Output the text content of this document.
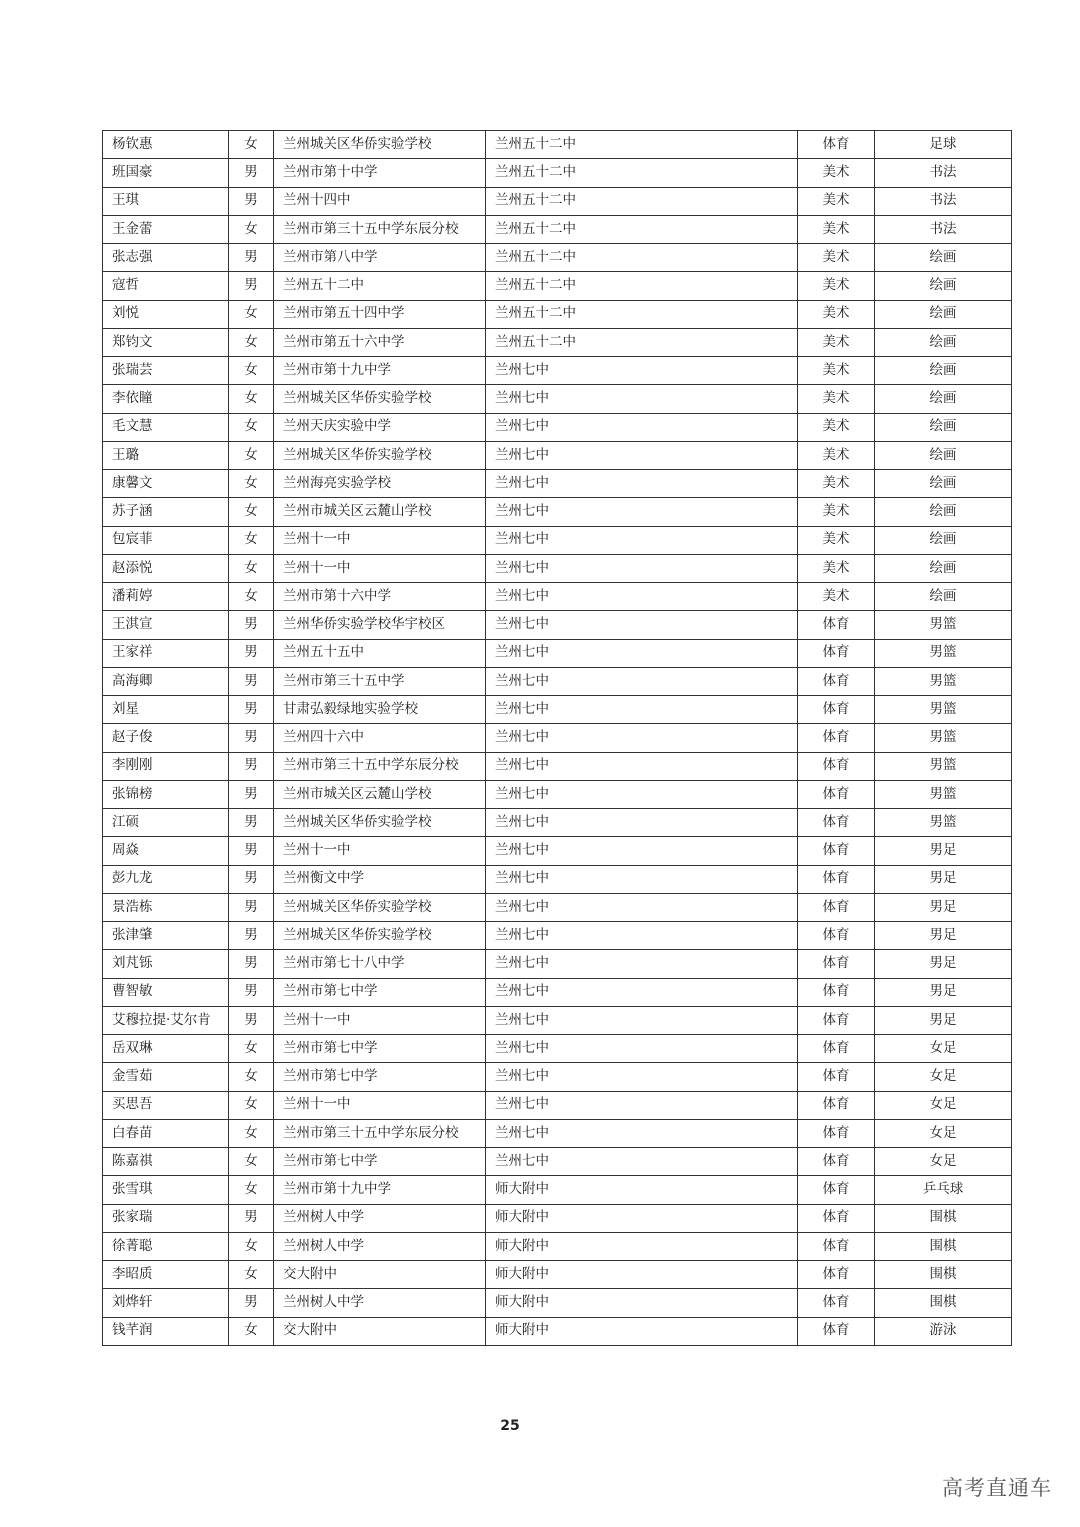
杨钦惠	女	兰州城关区华侨实验学校	兰州五十二中	体育	足球
班国豪	男	兰州市第十中学	兰州五十二中	美术	书法
王琪	男	兰州十四中	兰州五十二中	美术	书法
王金蕾	女	兰州市第三十五中学东辰分校	兰州五十二中	美术	书法
张志强	男	兰州市第八中学	兰州五十二中	美术	绘画
寇哲	男	兰州五十二中	兰州五十二中	美术	绘画
刘悦	女	兰州市第五十四中学	兰州五十二中	美术	绘画
郑钧文	女	兰州市第五十六中学	兰州五十二中	美术	绘画
张瑞芸	女	兰州市第十九中学	兰州七中	美术	绘画
李依瞳	女	兰州城关区华侨实验学校	兰州七中	美术	绘画
毛文慧	女	兰州天庆实验中学	兰州七中	美术	绘画
王璐	女	兰州城关区华侨实验学校	兰州七中	美术	绘画
康馨文	女	兰州海亮实验学校	兰州七中	美术	绘画
苏子涵	女	兰州市城关区云麓山学校	兰州七中	美术	绘画
包宸菲	女	兰州十一中	兰州七中	美术	绘画
赵添悦	女	兰州十一中	兰州七中	美术	绘画
潘莉婷	女	兰州市第十六中学	兰州七中	美术	绘画
王淇宣	男	兰州华侨实验学校华宇校区	兰州七中	体育	男篮
王家祥	男	兰州五十五中	兰州七中	体育	男篮
高海卿	男	兰州市第三十五中学	兰州七中	体育	男篮
刘星	男	甘肃弘毅绿地实验学校	兰州七中	体育	男篮
赵子俊	男	兰州四十六中	兰州七中	体育	男篮
李刚刚	男	兰州市第三十五中学东辰分校	兰州七中	体育	男篮
张锦榜	男	兰州市城关区云麓山学校	兰州七中	体育	男篮
江硕	男	兰州城关区华侨实验学校	兰州七中	体育	男篮
周焱	男	兰州十一中	兰州七中	体育	男足
彭九龙	男	兰州衡文中学	兰州七中	体育	男足
景浩栋	男	兰州城关区华侨实验学校	兰州七中	体育	男足
张津肇	男	兰州城关区华侨实验学校	兰州七中	体育	男足
刘芃铄	男	兰州市第七十八中学	兰州七中	体育	男足
曹智敏	男	兰州市第七中学	兰州七中	体育	男足
艾穆拉提·艾尔肯	男	兰州十一中	兰州七中	体育	男足
岳双琳	女	兰州市第七中学	兰州七中	体育	女足
金雪茹	女	兰州市第七中学	兰州七中	体育	女足
买思吾	女	兰州十一中	兰州七中	体育	女足
白春苗	女	兰州市第三十五中学东辰分校	兰州七中	体育	女足
陈嘉祺	女	兰州市第七中学	兰州七中	体育	女足
张雪琪	女	兰州市第十九中学	师大附中	体育	乒乓球
张家瑞	男	兰州树人中学	师大附中	体育	围棋
徐菁聪	女	兰州树人中学	师大附中	体育	围棋
李昭质	女	交大附中	师大附中	体育	围棋
刘烨轩	男	兰州树人中学	师大附中	体育	围棋
钱芊润	女	交大附中	师大附中	体育	游泳
25
高考直通车
